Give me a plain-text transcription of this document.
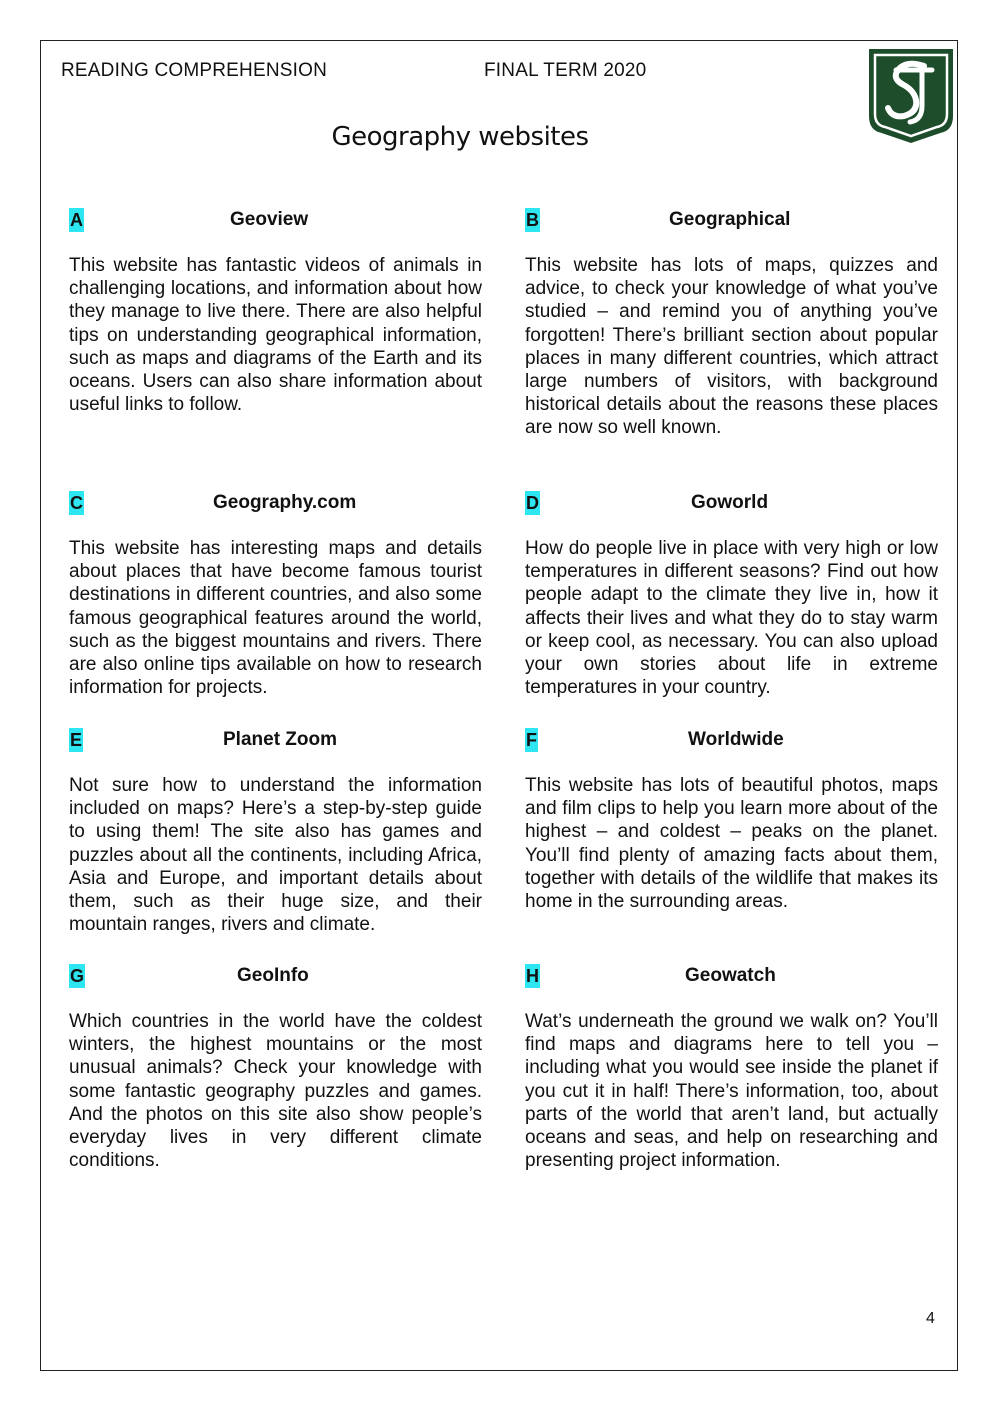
READING COMPREHENSION	FINAL TERM 2020
Geography websites
A	Geoview
This website has fantastic videos of animals in challenging locations, and information about how they manage to live there. There are also helpful tips on understanding geographical information, such as maps and diagrams of the Earth and its oceans. Users can also share information about useful links to follow.
B	Geographical
This website has lots of maps, quizzes and advice, to check your knowledge of what you’ve studied – and remind you of anything you’ve forgotten! There’s brilliant section about popular places in many different countries, which attract large numbers of visitors, with background historical details about the reasons these places are now so well known.
C	Geography.com
This website has interesting maps and details about places that have become famous tourist destinations in different countries, and also some famous geographical features around the world, such as the biggest mountains and rivers. There are also online tips available on how to research information for projects.
D	Goworld
How do people live in place with very high or low temperatures in different seasons? Find out how people adapt to the climate they live in, how it affects their lives and what they do to stay warm or keep cool, as necessary. You can also upload your own stories about life in extreme temperatures in your country.
E	Planet Zoom
Not sure how to understand the information included on maps? Here’s a step-by-step guide to using them! The site also has games and puzzles about all the continents, including Africa, Asia and Europe, and important details about them, such as their huge size, and their mountain ranges, rivers and climate.
F	Worldwide
This website has lots of beautiful photos, maps and film clips to help you learn more about of the highest – and coldest – peaks on the planet. You’ll find plenty of amazing facts about them, together with details of the wildlife that makes its home in the surrounding areas.
G	GeoInfo
Which countries in the world have the coldest winters, the highest mountains or the most unusual animals? Check your knowledge with some fantastic geography puzzles and games. And the photos on this site also show people’s everyday lives in very different climate conditions.
H	Geowatch
Wat’s underneath the ground we walk on? You’ll find maps and diagrams here to tell you – including what you would see inside the planet if you cut it in half! There’s information, too, about parts of the world that aren’t land, but actually oceans and seas, and help on researching and presenting project information.
4
